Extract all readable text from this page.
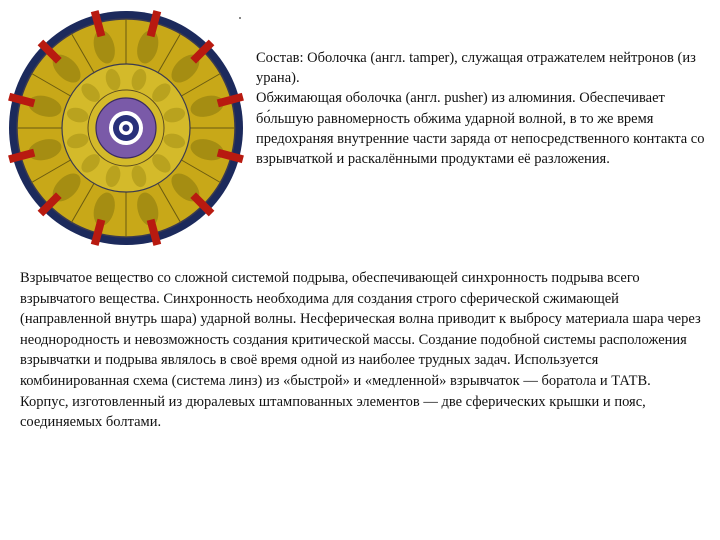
Состав: Оболочка (англ. tamper), служащая отражателем нейтронов (из урана).

Обжимающая оболочка (англ. pusher) из алюминия. Обеспечивает бо́льшую равномерность обжима ударной волной, в то же время предохраняя внутренние части заряда от непосредственного контакта со взрывчаткой и раскалёнными продуктами её разложения.

Взрывчатое вещество со сложной системой подрыва, обеспечивающей синхронность подрыва всего взрывчатого вещества. Синхронность необходима для создания строго сферической сжимающей (направленной внутрь шара) ударной волны. Несферическая волна приводит к выбросу материала шара через неоднородность и невозможность создания критической массы. Создание подобной системы расположения взрывчатки и подрыва являлось в своё время одной из наиболее трудных задач. Используется комбинированная схема (система линз) из «быстрой» и «медленной» взрывчаток — боратола и ТАТВ.

Корпус, изготовленный из дюралевых штампованных элементов — две сферических крышки и пояс, соединяемых болтами.
